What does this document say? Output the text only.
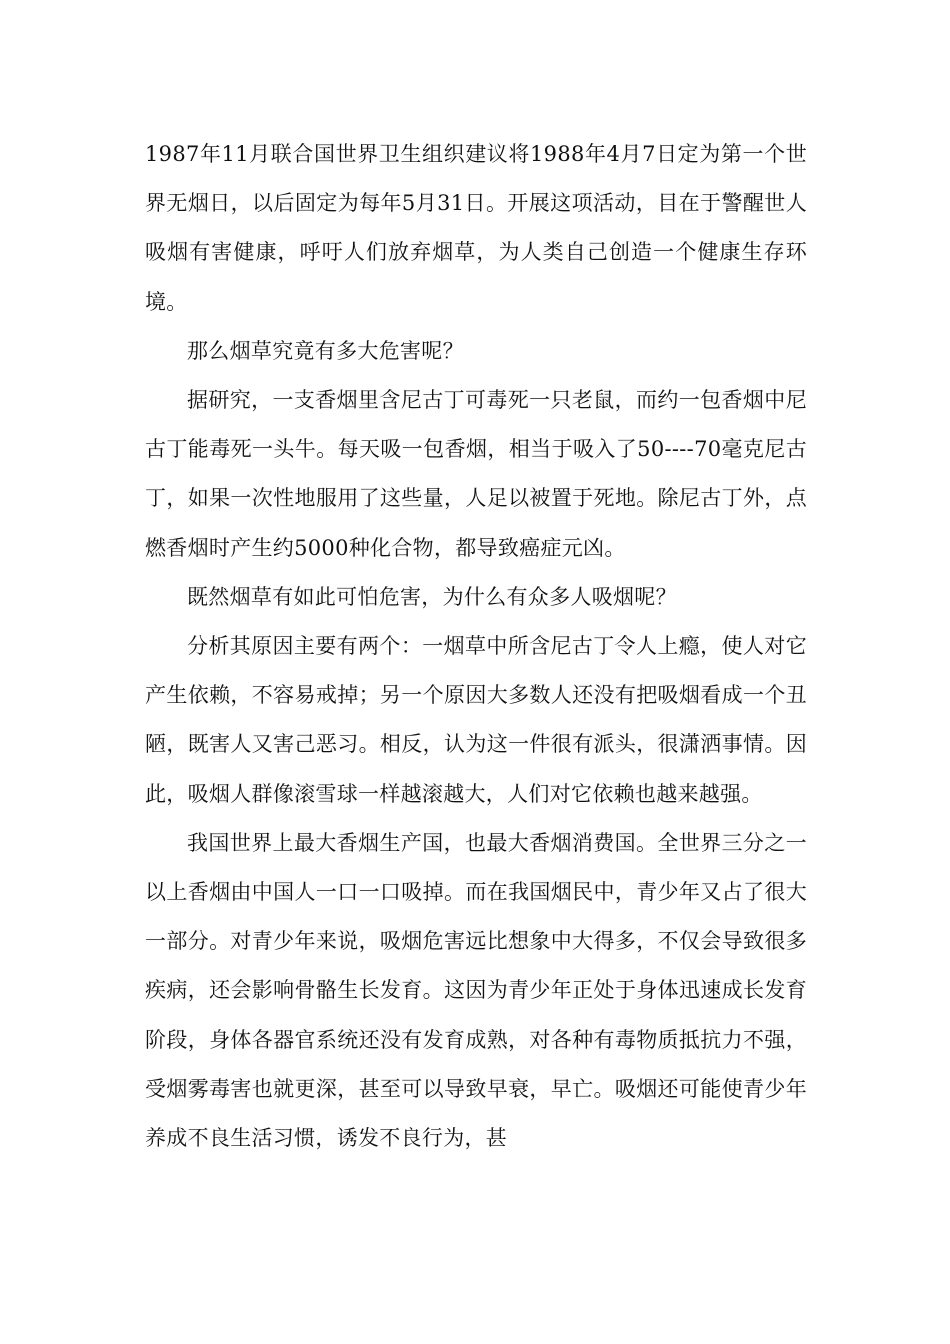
1987年11月联合国世界卫生组织建议将1988年4月7日定为第一个世界无烟日，以后固定为每年5月31日。开展这项活动，目在于警醒世人吸烟有害健康，呼吁人们放弃烟草，为人类自己创造一个健康生存环境。

那么烟草究竟有多大危害呢？

据研究，一支香烟里含尼古丁可毒死一只老鼠，而约一包香烟中尼古丁能毒死一头牛。每天吸一包香烟，相当于吸入了50----70毫克尼古丁，如果一次性地服用了这些量，人足以被置于死地。除尼古丁外，点燃香烟时产生约5000种化合物，都导致癌症元凶。

既然烟草有如此可怕危害，为什么有众多人吸烟呢？

分析其原因主要有两个：一烟草中所含尼古丁令人上瘾，使人对它产生依赖，不容易戒掉；另一个原因大多数人还没有把吸烟看成一个丑陋，既害人又害己恶习。相反，认为这一件很有派头，很潇洒事情。因此，吸烟人群像滚雪球一样越滚越大，人们对它依赖也越来越强。

我国世界上最大香烟生产国，也最大香烟消费国。全世界三分之一以上香烟由中国人一口一口吸掉。而在我国烟民中，青少年又占了很大一部分。对青少年来说，吸烟危害远比想象中大得多，不仅会导致很多疾病，还会影响骨骼生长发育。这因为青少年正处于身体迅速成长发育阶段，身体各器官系统还没有发育成熟，对各种有毒物质抵抗力不强，受烟雾毒害也就更深，甚至可以导致早衰，早亡。吸烟还可能使青少年养成不良生活习惯，诱发不良行为，甚
